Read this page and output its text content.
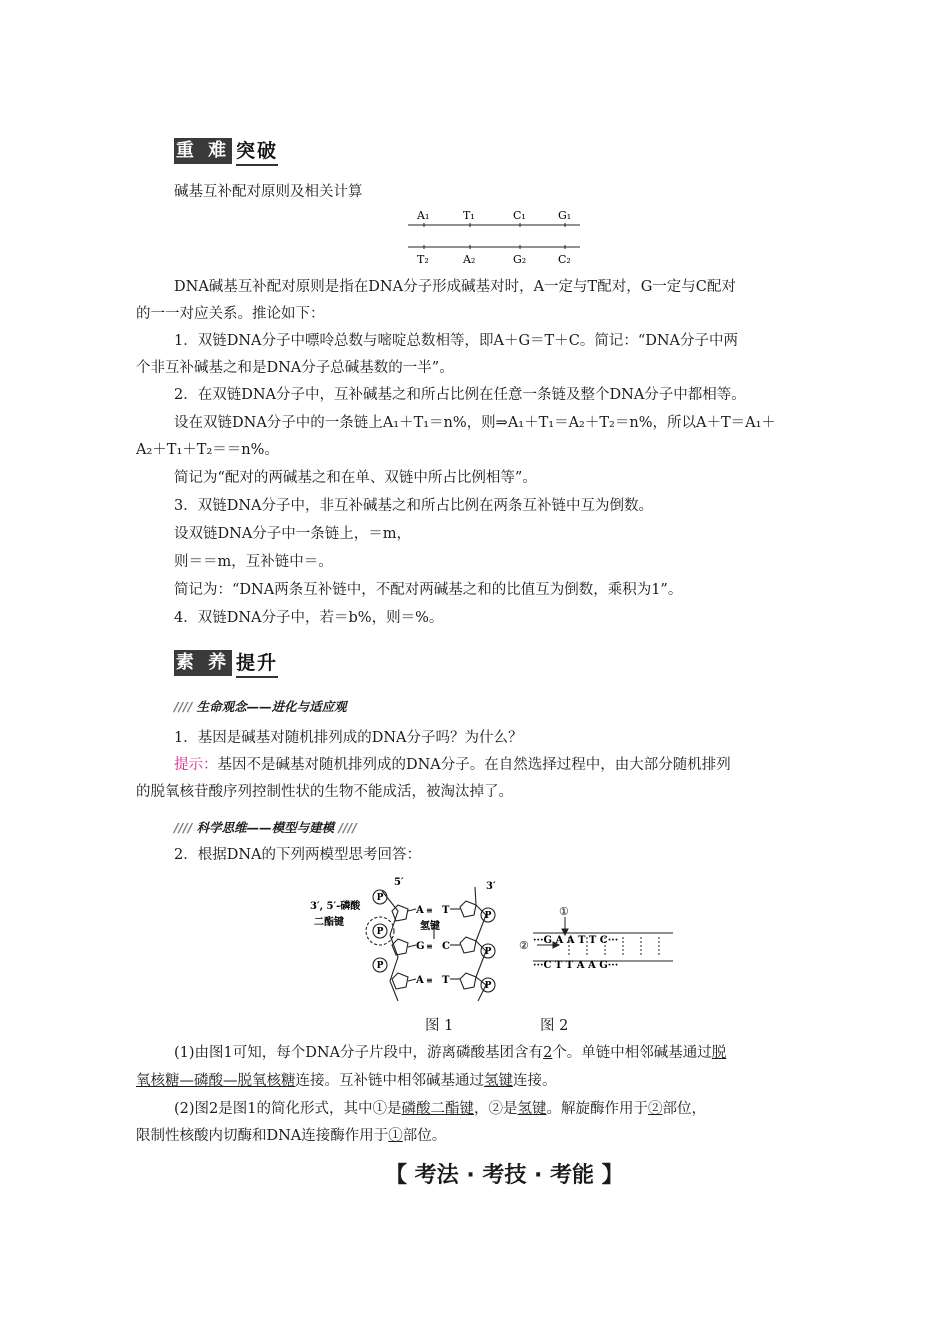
重 难 突破
碱基互补配对原则及相关计算
A₁	T₁	C₁	G₁
T₂	A₂	G₂	C₂
DNA碱基互补配对原则是指在DNA分子形成碱基对时，A一定与T配对，G一定与C配对
的一一对应关系。推论如下：
1．双链DNA分子中嘌呤总数与嘧啶总数相等，即A＋G＝T＋C。简记：“DNA分子中两
个非互补碱基之和是DNA分子总碱基数的一半”。
2．在双链DNA分子中，互补碱基之和所占比例在任意一条链及整个DNA分子中都相等。
设在双链DNA分子中的一条链上A₁＋T₁＝n%，则⇒A₁＋T₁＝A₂＋T₂＝n%，所以A＋T＝A₁＋
A₂＋T₁＋T₂＝＝n%。
简记为“配对的两碱基之和在单、双链中所占比例相等”。
3．双链DNA分子中，非互补碱基之和所占比例在两条互补链中互为倒数。
设双链DNA分子中一条链上，＝m，
则＝＝m，互补链中＝。
简记为：“DNA两条互补链中，不配对两碱基之和的比值互为倒数，乘积为1”。
4．双链DNA分子中，若＝b%，则＝%。
素 养 提升
//// 生命观念——进化与适应观
1．基因是碱基对随机排列成的DNA分子吗？为什么？
提示：基因不是碱基对随机排列成的DNA分子。在自然选择过程中，由大部分随机排列
的脱氧核苷酸序列控制性状的生物不能成活，被淘汰掉了。
//// 科学思维——模型与建模 ////
2．根据DNA的下列两模型思考回答：
P
P
P
P
P
P
A
G
A
≡
≡
≡
T
C
T
5′	3′
3′, 5′-磷酸
二酯键	氢键
①
② ···G A A T T C···
···C T T A A G···
图 1	图 2
(1)由图1可知，每个DNA分子片段中，游离磷酸基团含有2个。单链中相邻碱基通过脱
氧核糖—磷酸—脱氧核糖连接。互补链中相邻碱基通过氢键连接。
(2)图2是图1的简化形式，其中①是磷酸二酯键，②是氢键。解旋酶作用于②部位，
限制性核酸内切酶和DNA连接酶作用于①部位。
【 考法 · 考技 · 考能 】
